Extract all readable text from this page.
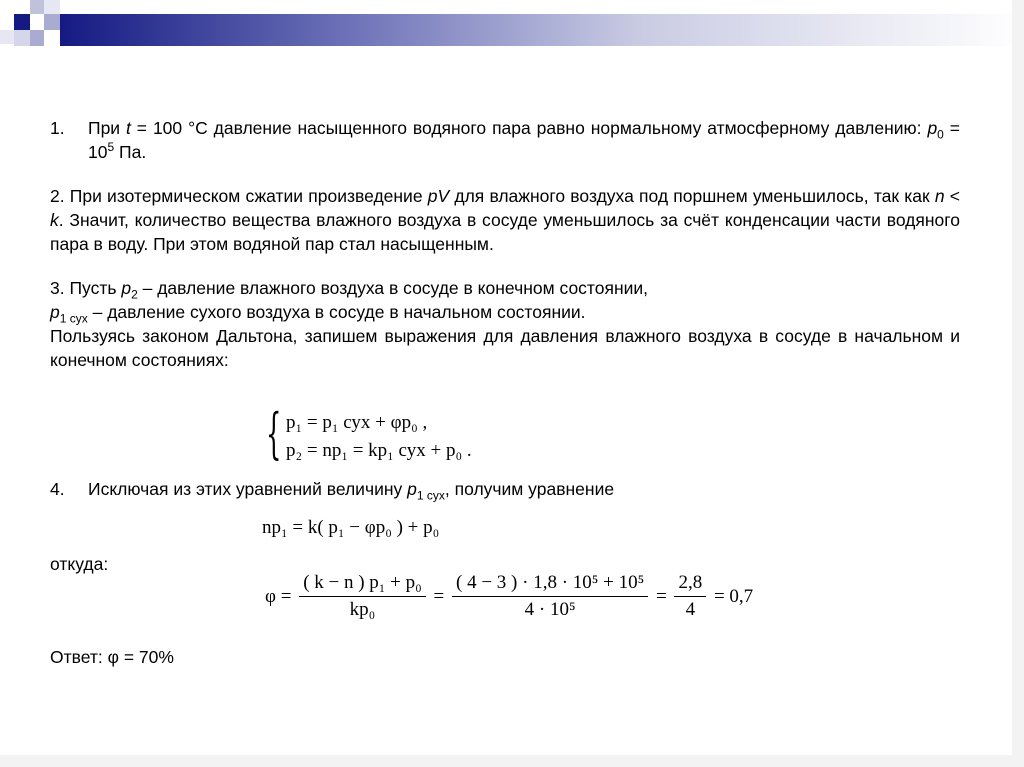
1.	При t = 100 °С давление насыщенного водяного пара равно нормальному атмосферному давлению: $p_0 = 10^5$ Па.

2. При изотермическом сжатии произведение pV для влажного воздуха под поршнем уменьшилось, так как n < k. Значит, количество вещества влажного воздуха в сосуде уменьшилось за счёт конденсации части водяного пара в воду. При этом водяной пар стал насыщенным.

3. Пусть $p_2$ – давление влажного воздуха в сосуде в конечном состоянии,
$p_{1 сух}$ – давление сухого воздуха в сосуде в начальном состоянии.

Пользуясь законом Дальтона, запишем выражения для давления влажного воздуха в сосуде в начальном и конечном состояниях:

{ p₁ = p₁ сух + φp₀ ,
p₂ = np₁ = kp₁ сух + p₀ .
4.	Исключая из этих уравнений величину $p_{1 сух}$, получим уравнение
np₁ = k( p₁ − φp₀ ) + p₀
откуда:
$\varphi = \frac{\text{( k − n ) p₁ + p₀}}{\text{kp₀}} = \frac{\text{( 4 − 3 ) · 1,8 · 10⁵ + 10⁵}}{\text{4 · 10⁵}} = \frac{2,8}{4} = 0,7$
Ответ: φ = 70%
